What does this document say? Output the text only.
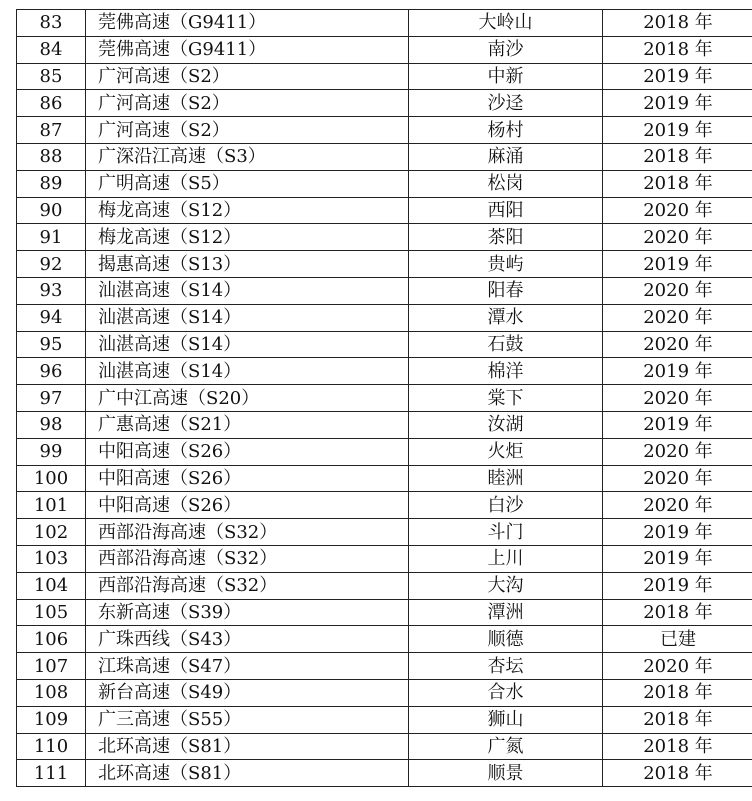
83	莞佛高速（G9411）	大岭山	2018 年
84	莞佛高速（G9411）	南沙	2018 年
85	广河高速（S2）	中新	2019 年
86	广河高速（S2）	沙迳	2019 年
87	广河高速（S2）	杨村	2019 年
88	广深沿江高速（S3）	麻涌	2018 年
89	广明高速（S5）	松岗	2018 年
90	梅龙高速（S12）	西阳	2020 年
91	梅龙高速（S12）	茶阳	2020 年
92	揭惠高速（S13）	贵屿	2019 年
93	汕湛高速（S14）	阳春	2020 年
94	汕湛高速（S14）	潭水	2020 年
95	汕湛高速（S14）	石鼓	2020 年
96	汕湛高速（S14）	棉洋	2019 年
97	广中江高速（S20）	棠下	2020 年
98	广惠高速（S21）	汝湖	2019 年
99	中阳高速（S26）	火炬	2020 年
100	中阳高速（S26）	睦洲	2020 年
101	中阳高速（S26）	白沙	2020 年
102	西部沿海高速（S32）	斗门	2019 年
103	西部沿海高速（S32）	上川	2019 年
104	西部沿海高速（S32）	大沟	2019 年
105	东新高速（S39）	潭洲	2018 年
106	广珠西线（S43）	顺德	已建
107	江珠高速（S47）	杏坛	2020 年
108	新台高速（S49）	合水	2018 年
109	广三高速（S55）	狮山	2018 年
110	北环高速（S81）	广氮	2018 年
111	北环高速（S81）	顺景	2018 年
